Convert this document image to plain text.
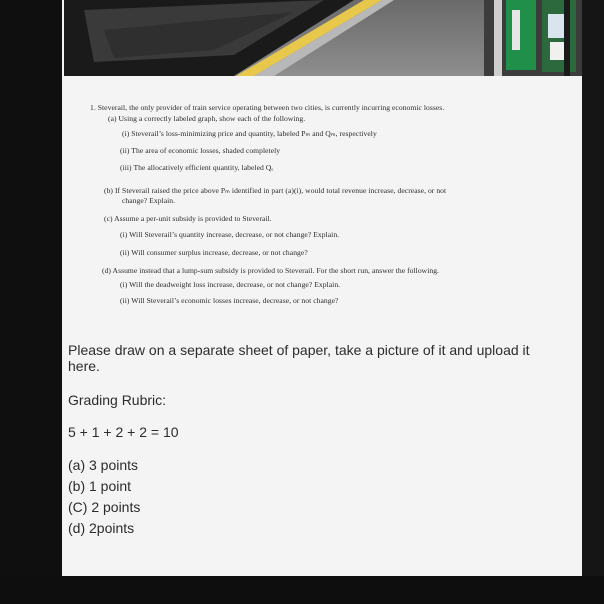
1. Steverail, the only provider of train service operating between two cities, is currently incurring economic losses.
(a) Using a correctly labeled graph, show each of the following.
(i) Steverail’s loss-minimizing price and quantity, labeled Pₘ and Qₘ, respectively
(ii) The area of economic losses, shaded completely
(iii) The allocatively efficient quantity, labeled Qₑ
(b) If Steverail raised the price above Pₘ identified in part (a)(i), would total revenue increase, decrease, or not
change? Explain.
(c) Assume a per-unit subsidy is provided to Steverail.
(i) Will Steverail’s quantity increase, decrease, or not change? Explain.
(ii) Will consumer surplus increase, decrease, or not change?
(d) Assume instead that a lump-sum subsidy is provided to Steverail. For the short run, answer the following.
(i) Will the deadweight loss increase, decrease, or not change? Explain.
(ii) Will Steverail’s economic losses increase, decrease, or not change?
Please draw on a separate sheet of paper, take a picture of it and upload it
here.
Grading Rubric:
5 + 1 + 2 + 2 = 10
(a) 3 points
(b) 1 point
(C) 2 points
(d) 2points
